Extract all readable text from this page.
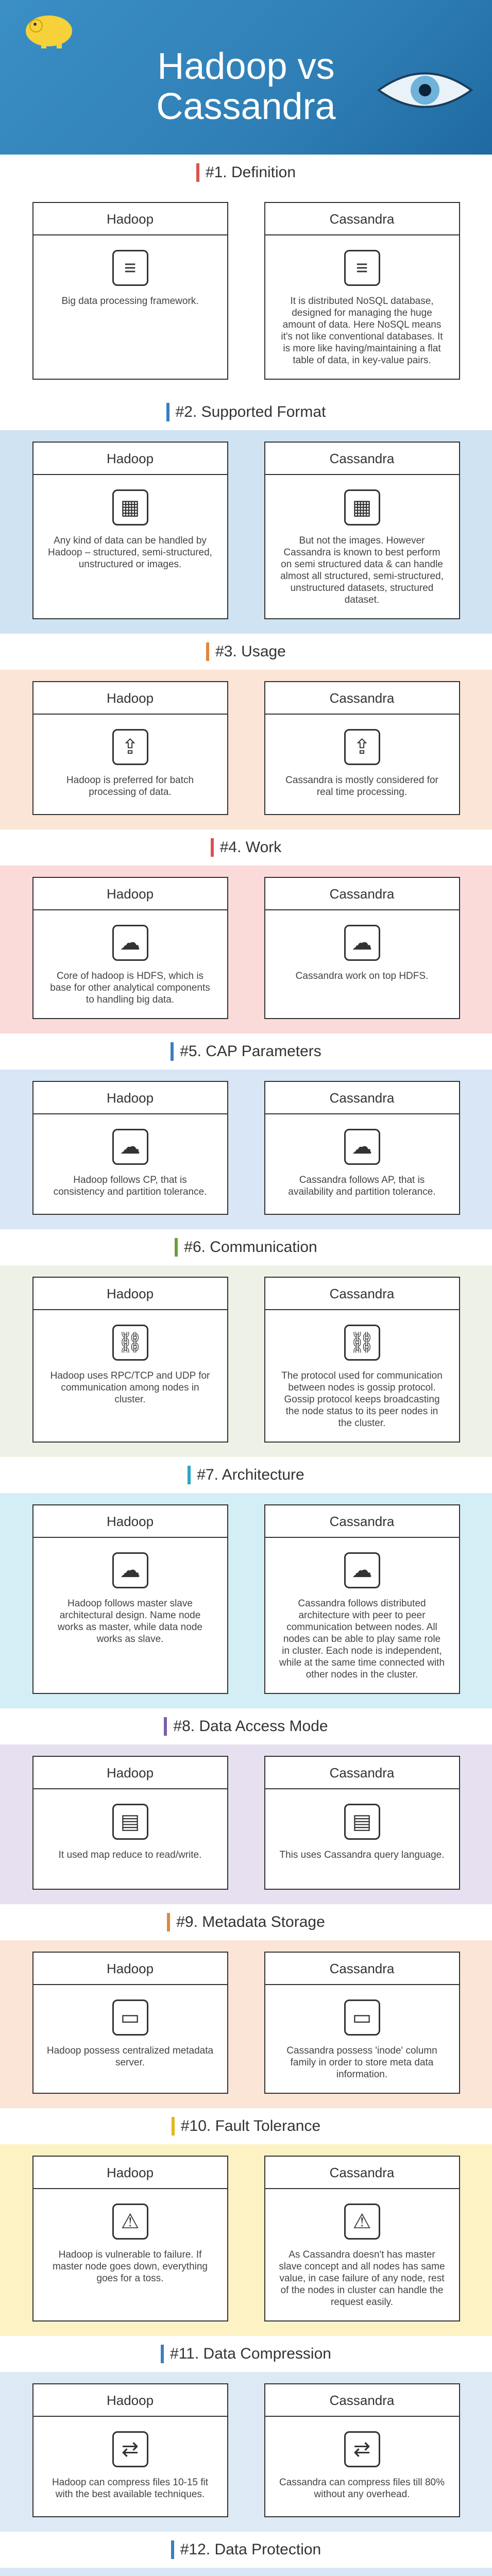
Hadoop vs
Cassandra
#1. Definition
Hadoop
≡
Big data processing framework.
Cassandra
≡
It is distributed NoSQL database, designed for managing the huge amount of data. Here NoSQL means it's not like conventional databases. It is more like having/maintaining a flat table of data, in key-value pairs.
#2. Supported Format
Hadoop
▦
Any kind of data can be handled by Hadoop – structured, semi-structured, unstructured or images.
Cassandra
▦
But not the images. However Cassandra is known to best perform on semi structured data & can handle almost all structured, semi-structured, unstructured datasets, structured dataset.
#3. Usage
Hadoop
⇪
Hadoop is preferred for batch processing of data.
Cassandra
⇪
Cassandra is mostly considered for real time processing.
#4. Work
Hadoop
☁
Core of hadoop is HDFS, which is base for other analytical components to handling big data.
Cassandra
☁
Cassandra work on top HDFS.
#5. CAP Parameters
Hadoop
☁
Hadoop follows CP, that is consistency and partition tolerance.
Cassandra
☁
Cassandra follows AP, that is availability and partition tolerance.
#6. Communication
Hadoop
⛓
Hadoop uses RPC/TCP and UDP for communication among nodes in cluster.
Cassandra
⛓
The protocol used for communication between nodes is gossip protocol. Gossip protocol keeps broadcasting the node status to its peer nodes in the cluster.
#7. Architecture
Hadoop
☁
Hadoop follows master slave architectural design. Name node works as master, while data node works as slave.
Cassandra
☁
Cassandra follows distributed architecture with peer to peer communication between nodes. All nodes can be able to play same role in cluster. Each node is independent, while at the same time connected with other nodes in the cluster.
#8. Data Access Mode
Hadoop
▤
It used map reduce to read/write.
Cassandra
▤
This uses Cassandra query language.
#9. Metadata Storage
Hadoop
▭
Hadoop possess centralized metadata server.
Cassandra
▭
Cassandra possess 'inode' column family in order to store meta data information.
#10. Fault Tolerance
Hadoop
⚠
Hadoop is vulnerable to failure. If master node goes down, everything goes for a toss.
Cassandra
⚠
As Cassandra doesn't has master slave concept and all nodes has same value, in case failure of any node, rest of the nodes in cluster can handle the request easily.
#11. Data Compression
Hadoop
⇄
Hadoop can compress files 10-15 fit with the best available techniques.
Cassandra
⇄
Cassandra can compress files till 80% without any overhead.
#12. Data Protection
